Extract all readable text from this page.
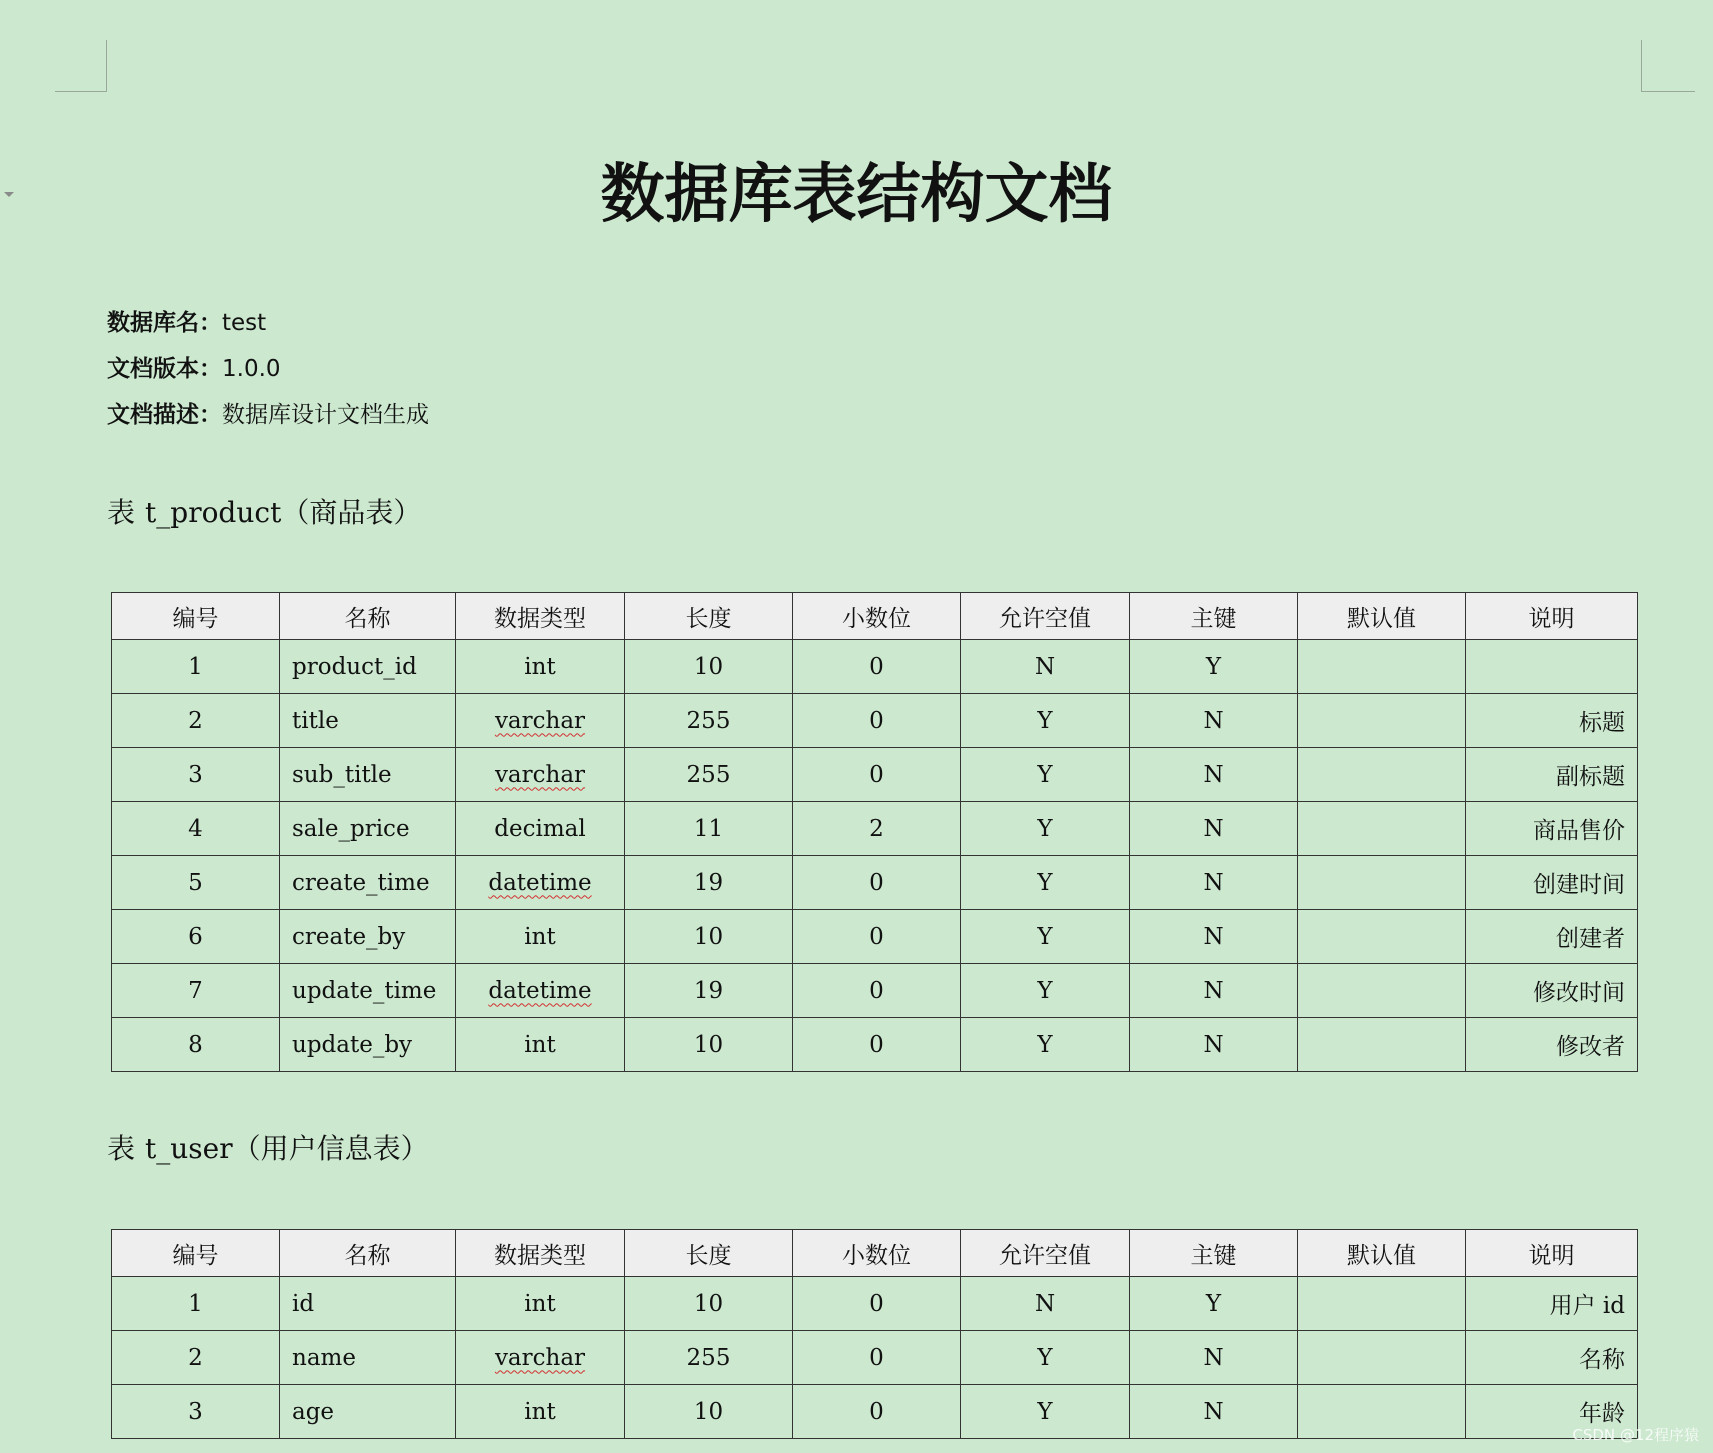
数据库表结构文档
数据库名：test
文档版本：1.0.0
文档描述：数据库设计文档生成
表 t_product（商品表）
编号	名称	数据类型	长度	小数位	允许空值	主键	默认值	说明
1	product_id	int	10	0	N	Y		
2	title	varchar	255	0	Y	N		标题
3	sub_title	varchar	255	0	Y	N		副标题
4	sale_price	decimal	11	2	Y	N		商品售价
5	create_time	datetime	19	0	Y	N		创建时间
6	create_by	int	10	0	Y	N		创建者
7	update_time	datetime	19	0	Y	N		修改时间
8	update_by	int	10	0	Y	N		修改者
表 t_user（用户信息表）
编号	名称	数据类型	长度	小数位	允许空值	主键	默认值	说明
1	id	int	10	0	N	Y		用户 id
2	name	varchar	255	0	Y	N		名称
3	age	int	10	0	Y	N		年龄
CSDN @12程序猿
